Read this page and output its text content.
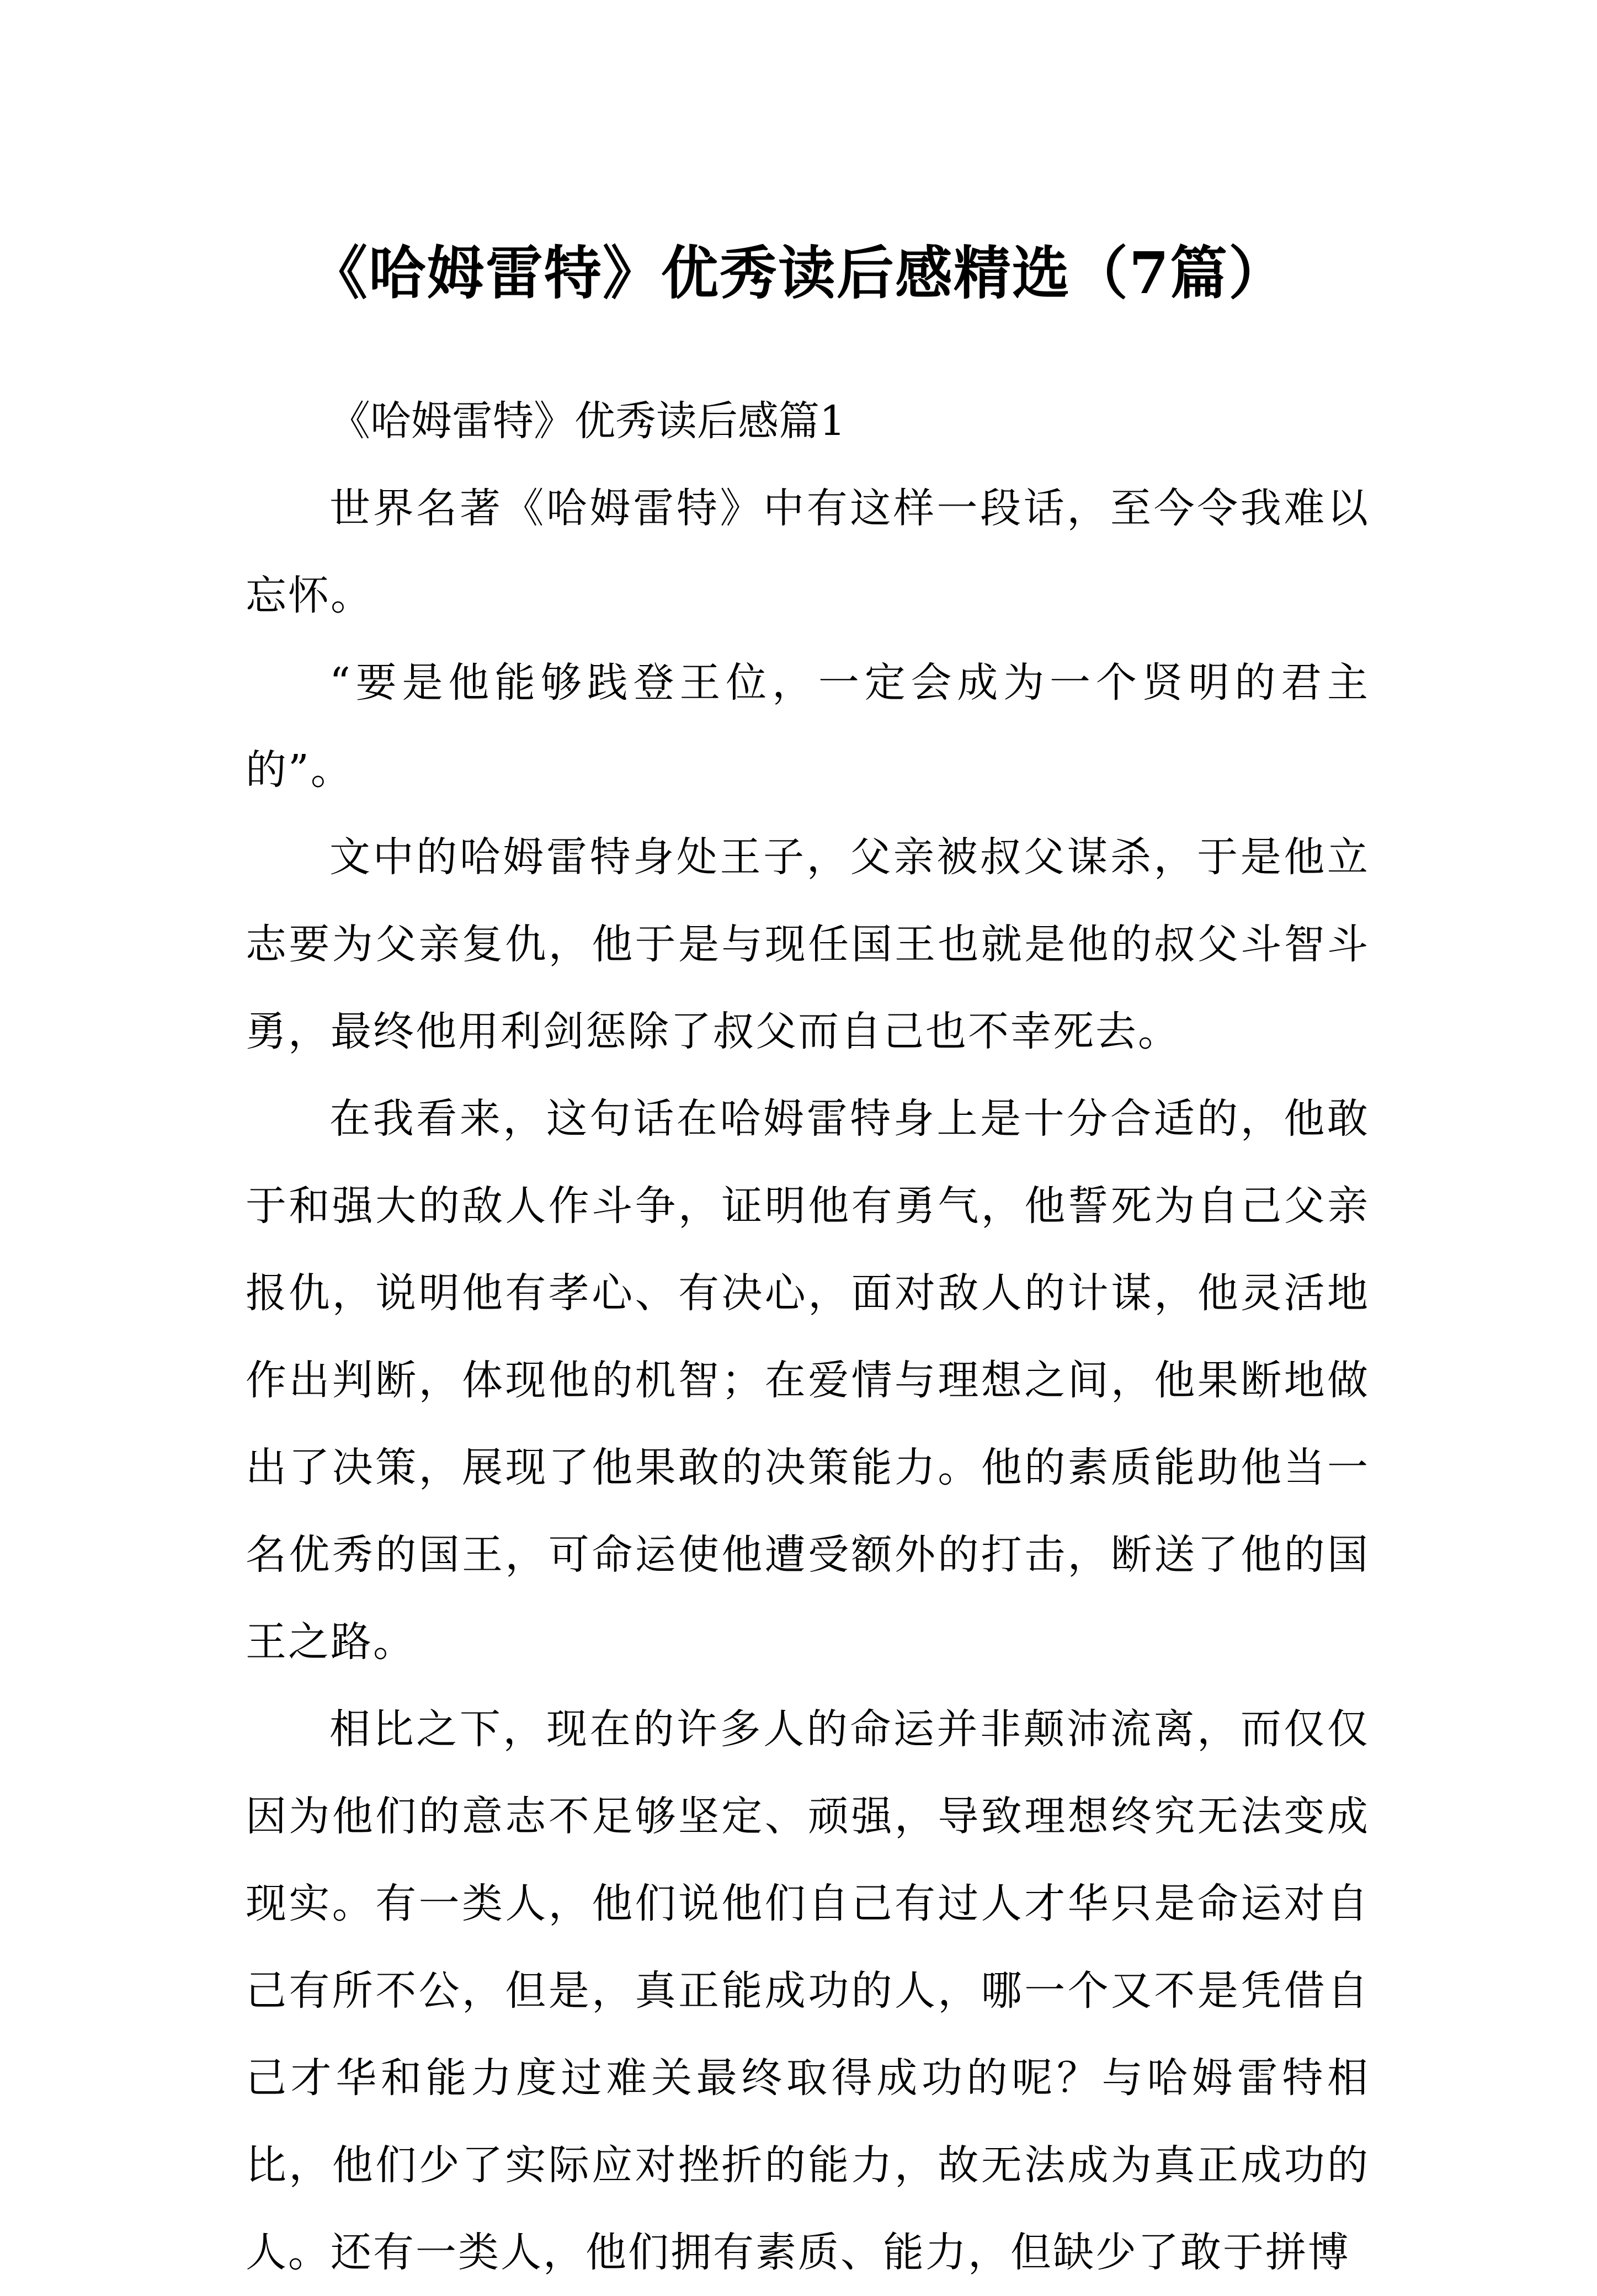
《哈姆雷特》优秀读后感精选（7篇）

《哈姆雷特》优秀读后感篇1

世界名著《哈姆雷特》中有这样一段话，至今令我难以忘怀。

“要是他能够践登王位，一定会成为一个贤明的君主的”。

文中的哈姆雷特身处王子，父亲被叔父谋杀，于是他立志要为父亲复仇，他于是与现任国王也就是他的叔父斗智斗勇，最终他用利剑惩除了叔父而自己也不幸死去。

在我看来，这句话在哈姆雷特身上是十分合适的，他敢于和强大的敌人作斗争，证明他有勇气，他誓死为自己父亲报仇，说明他有孝心、有决心，面对敌人的计谋，他灵活地作出判断，体现他的机智；在爱情与理想之间，他果断地做出了决策，展现了他果敢的决策能力。他的素质能助他当一名优秀的国王，可命运使他遭受额外的打击，断送了他的国王之路。

相比之下，现在的许多人的命运并非颠沛流离，而仅仅因为他们的意志不足够坚定、顽强，导致理想终究无法变成现实。有一类人，他们说他们自己有过人才华只是命运对自己有所不公，但是，真正能成功的人，哪一个又不是凭借自己才华和能力度过难关最终取得成功的呢？与哈姆雷特相比，他们少了实际应对挫折的能力，故无法成为真正成功的人。还有一类人，他们拥有素质、能力，但缺少了敢于拼博
